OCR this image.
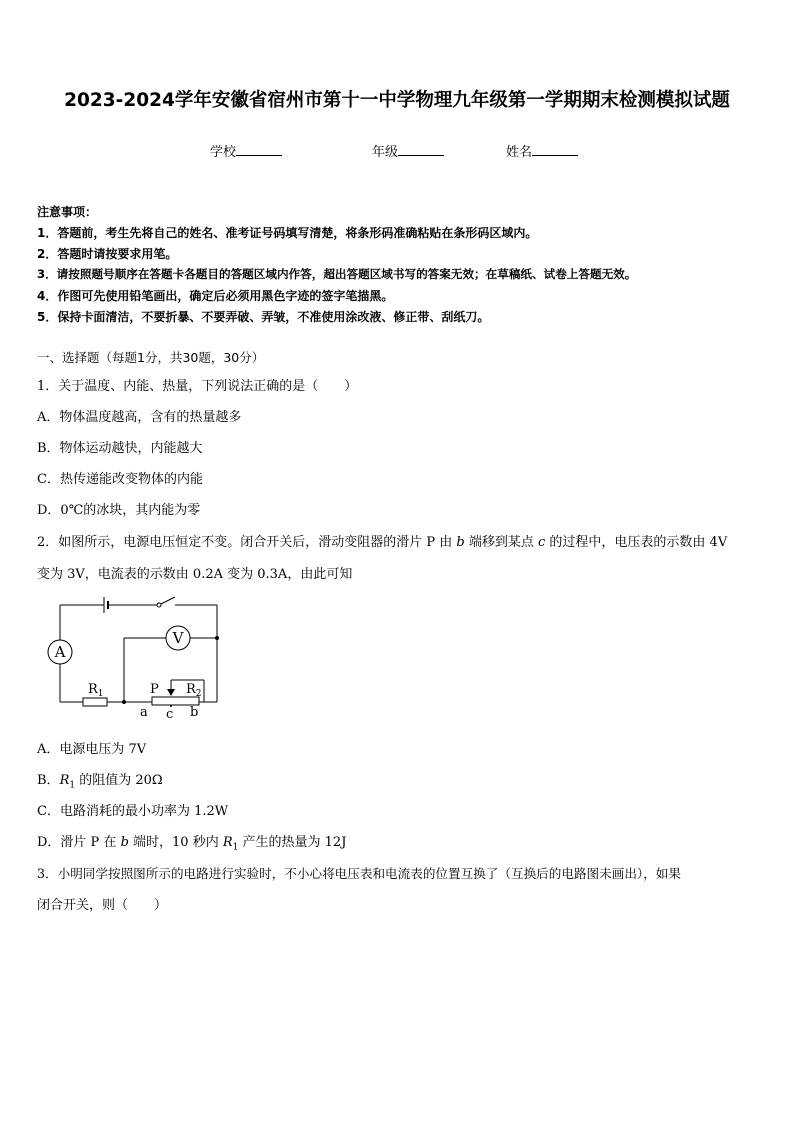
2023-2024学年安徽省宿州市第十一中学物理九年级第一学期期末检测模拟试题
学校	年级	姓名
注意事项：
1．答题前，考生先将自己的姓名、准考证号码填写清楚，将条形码准确粘贴在条形码区域内。
2．答题时请按要求用笔。
3．请按照题号顺序在答题卡各题目的答题区域内作答，超出答题区域书写的答案无效；在草稿纸、试卷上答题无效。
4．作图可先使用铅笔画出，确定后必须用黑色字迹的签字笔描黑。
5．保持卡面清洁，不要折暴、不要弄破、弄皱，不准使用涂改液、修正带、刮纸刀。
一、选择题（每题1分，共30题，30分）
1．关于温度、内能、热量，下列说法正确的是（　　）
A．物体温度越高，含有的热量越多
B．物体运动越快，内能越大
C．热传递能改变物体的内能
D．0℃的冰块，其内能为零
2．如图所示，电源电压恒定不变。闭合开关后，滑动变阻器的滑片 P 由 b 端移到某点 c 的过程中，电压表的示数由 4V
变为 3V，电流表的示数由 0.2A 变为 0.3A，由此可知
A
V
$R_1$	$R_2$
P
a c b
A．电源电压为 7V
B．$R_1$ 的阻值为 20Ω
C．电路消耗的最小功率为 1.2W
D．滑片 P 在 b 端时，10 秒内 $R_1$ 产生的热量为 12J
3．小明同学按照图所示的电路进行实验时，不小心将电压表和电流表的位置互换了（互换后的电路图未画出），如果
闭合开关，则（　　）
